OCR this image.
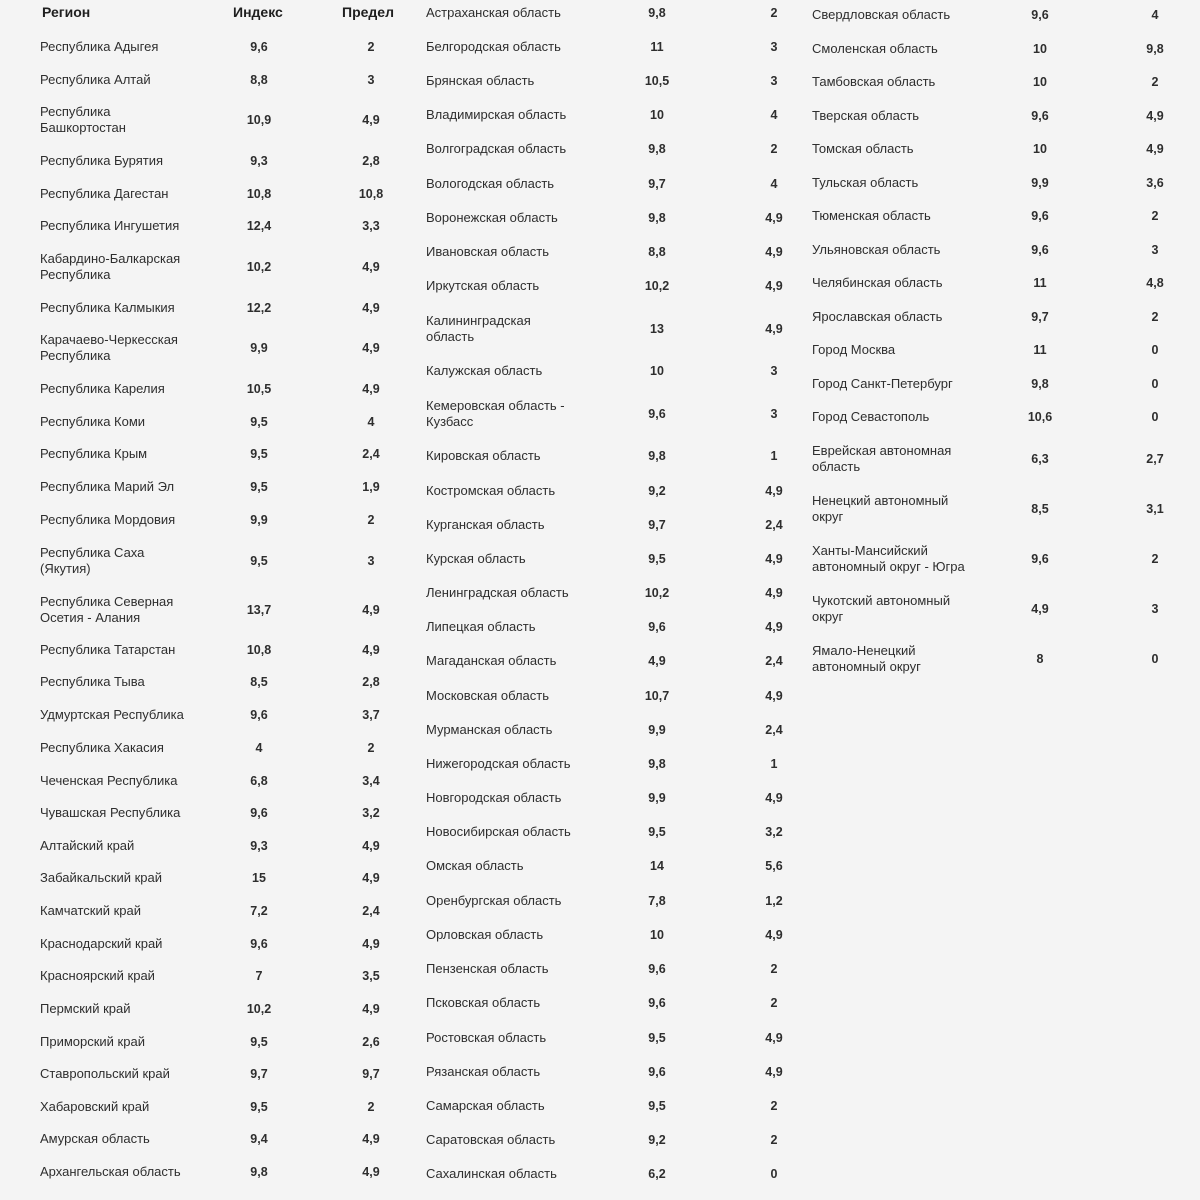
Регион	Индекс	Предел
Республика Адыгея	9,6	2
Республика Алтай	8,8	3
Республика Башкортостан	10,9	4,9
Республика Бурятия	9,3	2,8
Республика Дагестан	10,8	10,8
Республика Ингушетия	12,4	3,3
Кабардино-Балкарская Республика	10,2	4,9
Республика Калмыкия	12,2	4,9
Карачаево-Черкесская Республика	9,9	4,9
Республика Карелия	10,5	4,9
Республика Коми	9,5	4
Республика Крым	9,5	2,4
Республика Марий Эл	9,5	1,9
Республика Мордовия	9,9	2
Республика Саха (Якутия)	9,5	3
Республика Северная Осетия - Алания	13,7	4,9
Республика Татарстан	10,8	4,9
Республика Тыва	8,5	2,8
Удмуртская Республика	9,6	3,7
Республика Хакасия	4	2
Чеченская Республика	6,8	3,4
Чувашская Республика	9,6	3,2
Алтайский край	9,3	4,9
Забайкальский край	15	4,9
Камчатский край	7,2	2,4
Краснодарский край	9,6	4,9
Красноярский край	7	3,5
Пермский край	10,2	4,9
Приморский край	9,5	2,6
Ставропольский край	9,7	9,7
Хабаровский край	9,5	2
Амурская область	9,4	4,9
Архангельская область	9,8	4,9
Астраханская область	9,8	2
Белгородская область	11	3
Брянская область	10,5	3
Владимирская область	10	4
Волгоградская область	9,8	2
Вологодская область	9,7	4
Воронежская область	9,8	4,9
Ивановская область	8,8	4,9
Иркутская область	10,2	4,9
Калининградская область	13	4,9
Калужская область	10	3
Кемеровская область - Кузбасс	9,6	3
Кировская область	9,8	1
Костромская область	9,2	4,9
Курганская область	9,7	2,4
Курская область	9,5	4,9
Ленинградская область	10,2	4,9
Липецкая область	9,6	4,9
Магаданская область	4,9	2,4
Московская область	10,7	4,9
Мурманская область	9,9	2,4
Нижегородская область	9,8	1
Новгородская область	9,9	4,9
Новосибирская область	9,5	3,2
Омская область	14	5,6
Оренбургская область	7,8	1,2
Орловская область	10	4,9
Пензенская область	9,6	2
Псковская область	9,6	2
Ростовская область	9,5	4,9
Рязанская область	9,6	4,9
Самарская область	9,5	2
Саратовская область	9,2	2
Сахалинская область	6,2	0
Свердловская область	9,6	4
Смоленская область	10	9,8
Тамбовская область	10	2
Тверская область	9,6	4,9
Томская область	10	4,9
Тульская область	9,9	3,6
Тюменская область	9,6	2
Ульяновская область	9,6	3
Челябинская область	11	4,8
Ярославская область	9,7	2
Город Москва	11	0
Город Санкт-Петербург	9,8	0
Город Севастополь	10,6	0
Еврейская автономная область	6,3	2,7
Ненецкий автономный округ	8,5	3,1
Ханты-Мансийский автономный округ - Югра	9,6	2
Чукотский автономный округ	4,9	3
Ямало-Ненецкий автономный округ	8	0
